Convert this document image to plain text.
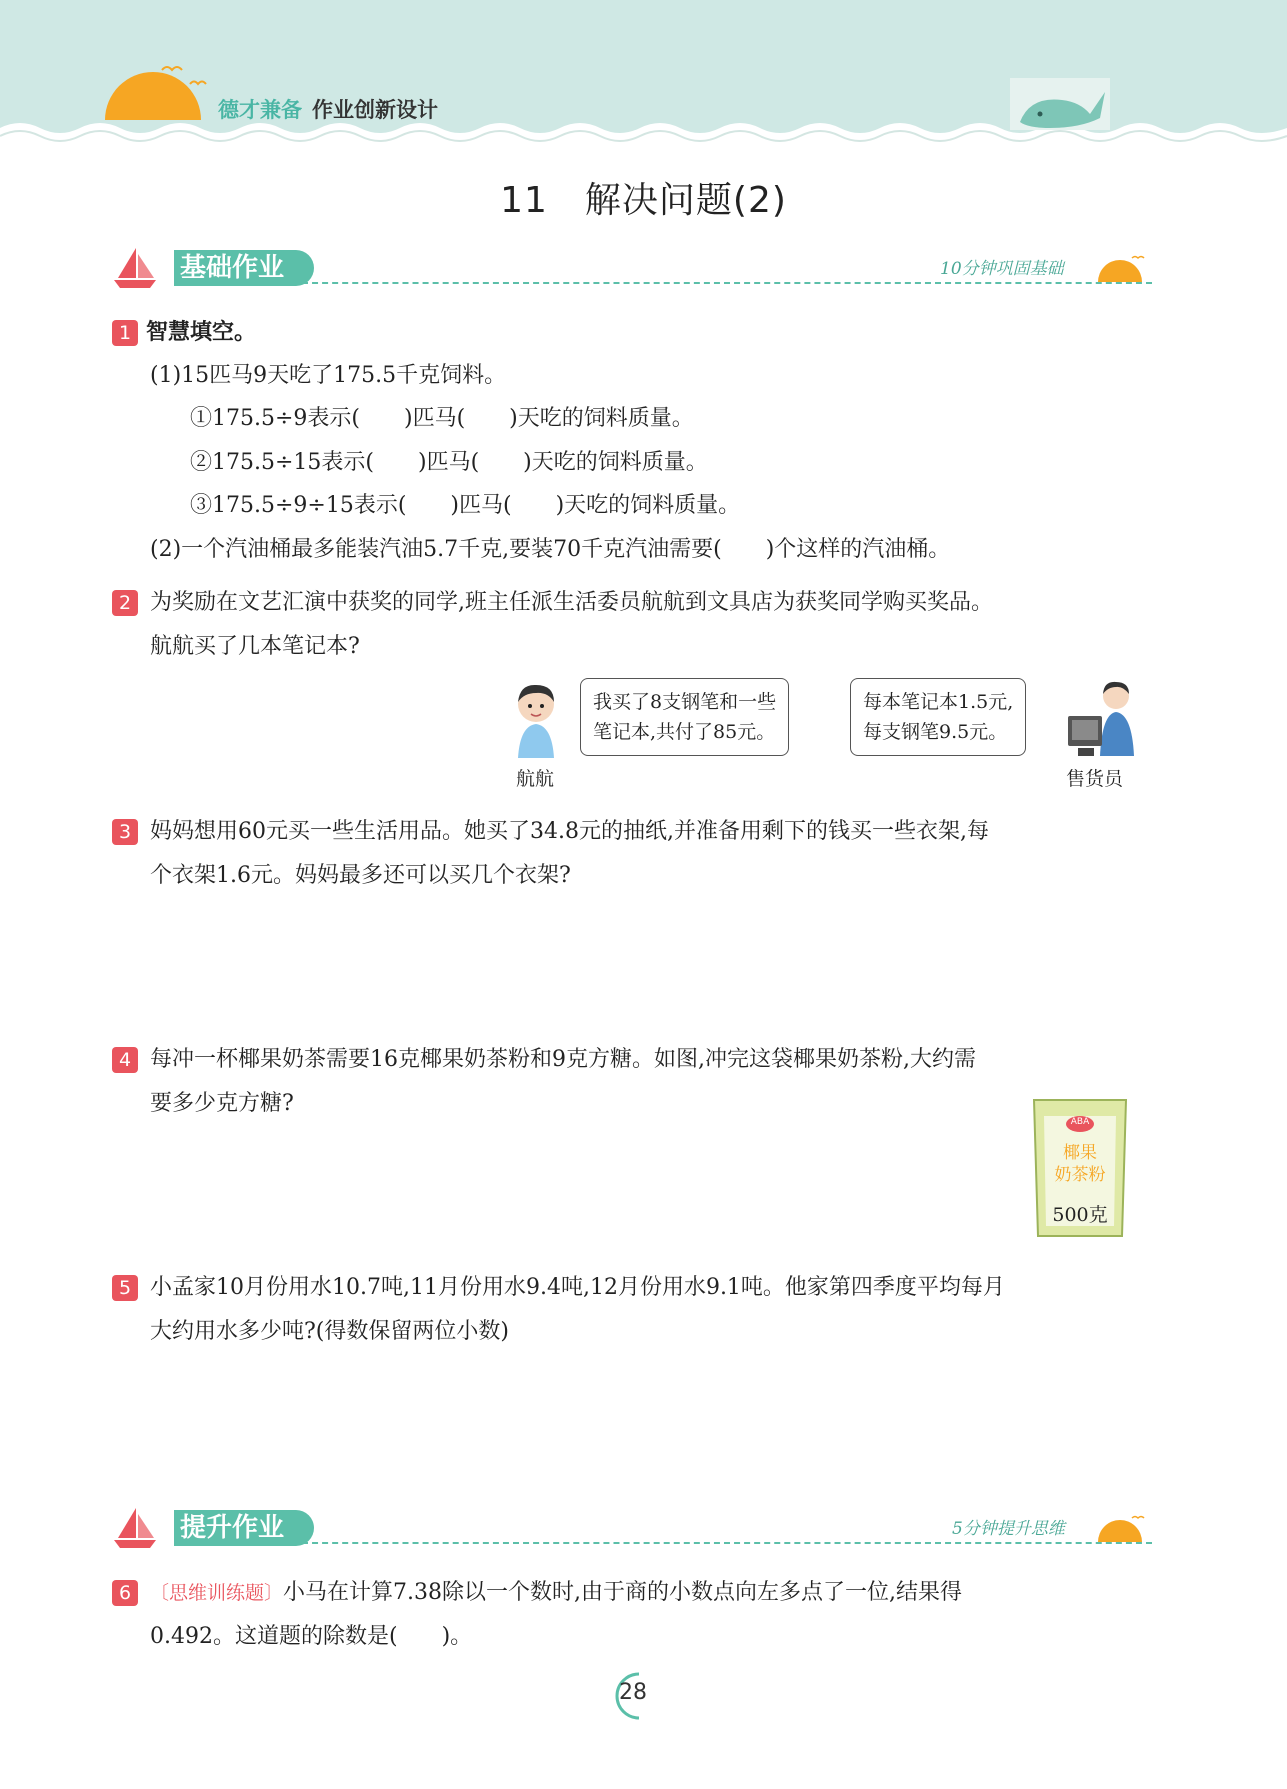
德才兼备 作业创新设计
11　解决问题(2)
基础作业	10分钟巩固基础
1 智慧填空。
(1)15匹马9天吃了175.5千克饲料。
①175.5÷9表示(　　)匹马(　　)天吃的饲料质量。
②175.5÷15表示(　　)匹马(　　)天吃的饲料质量。
③175.5÷9÷15表示(　　)匹马(　　)天吃的饲料质量。
(2)一个汽油桶最多能装汽油5.7千克,要装70千克汽油需要(　　)个这样的汽油桶。
2 为奖励在文艺汇演中获奖的同学,班主任派生活委员航航到文具店为获奖同学购买奖品。
航航买了几本笔记本?
我买了8支钢笔和一些
笔记本,共付了85元。
航航
每本笔记本1.5元,
每支钢笔9.5元。
售货员
3 妈妈想用60元买一些生活用品。她买了34.8元的抽纸,并准备用剩下的钱买一些衣架,每
个衣架1.6元。妈妈最多还可以买几个衣架?
4 每冲一杯椰果奶茶需要16克椰果奶茶粉和9克方糖。如图,冲完这袋椰果奶茶粉,大约需
要多少克方糖?
ABA
椰果
奶茶粉
500克
5 小孟家10月份用水10.7吨,11月份用水9.4吨,12月份用水9.1吨。他家第四季度平均每月
大约用水多少吨?(得数保留两位小数)
提升作业	5分钟提升思维
6 〔思维训练题〕小马在计算7.38除以一个数时,由于商的小数点向左多点了一位,结果得
0.492。这道题的除数是(　　)。
28
